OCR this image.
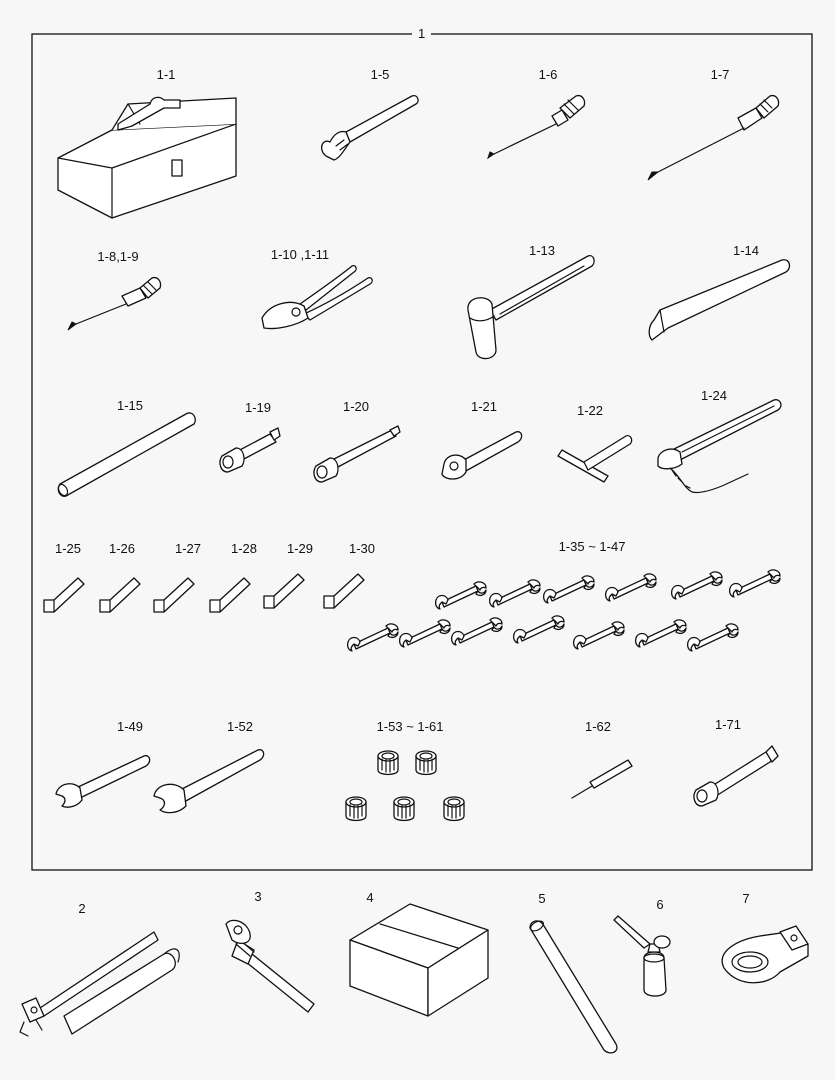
1
1-1	1-5	1-6	1-7
1-8,1-9	1-10 ,1-11	1-13	1-14
1-15	1-19	1-20	1-21	1-22
1-24
1-25 1-26	1-27 1-28 1-29	1-30	1-35 ~ 1-47
1-49	1-52	1-53 ~ 1-61	1-62	1-71
2
3	4	5	6	7
